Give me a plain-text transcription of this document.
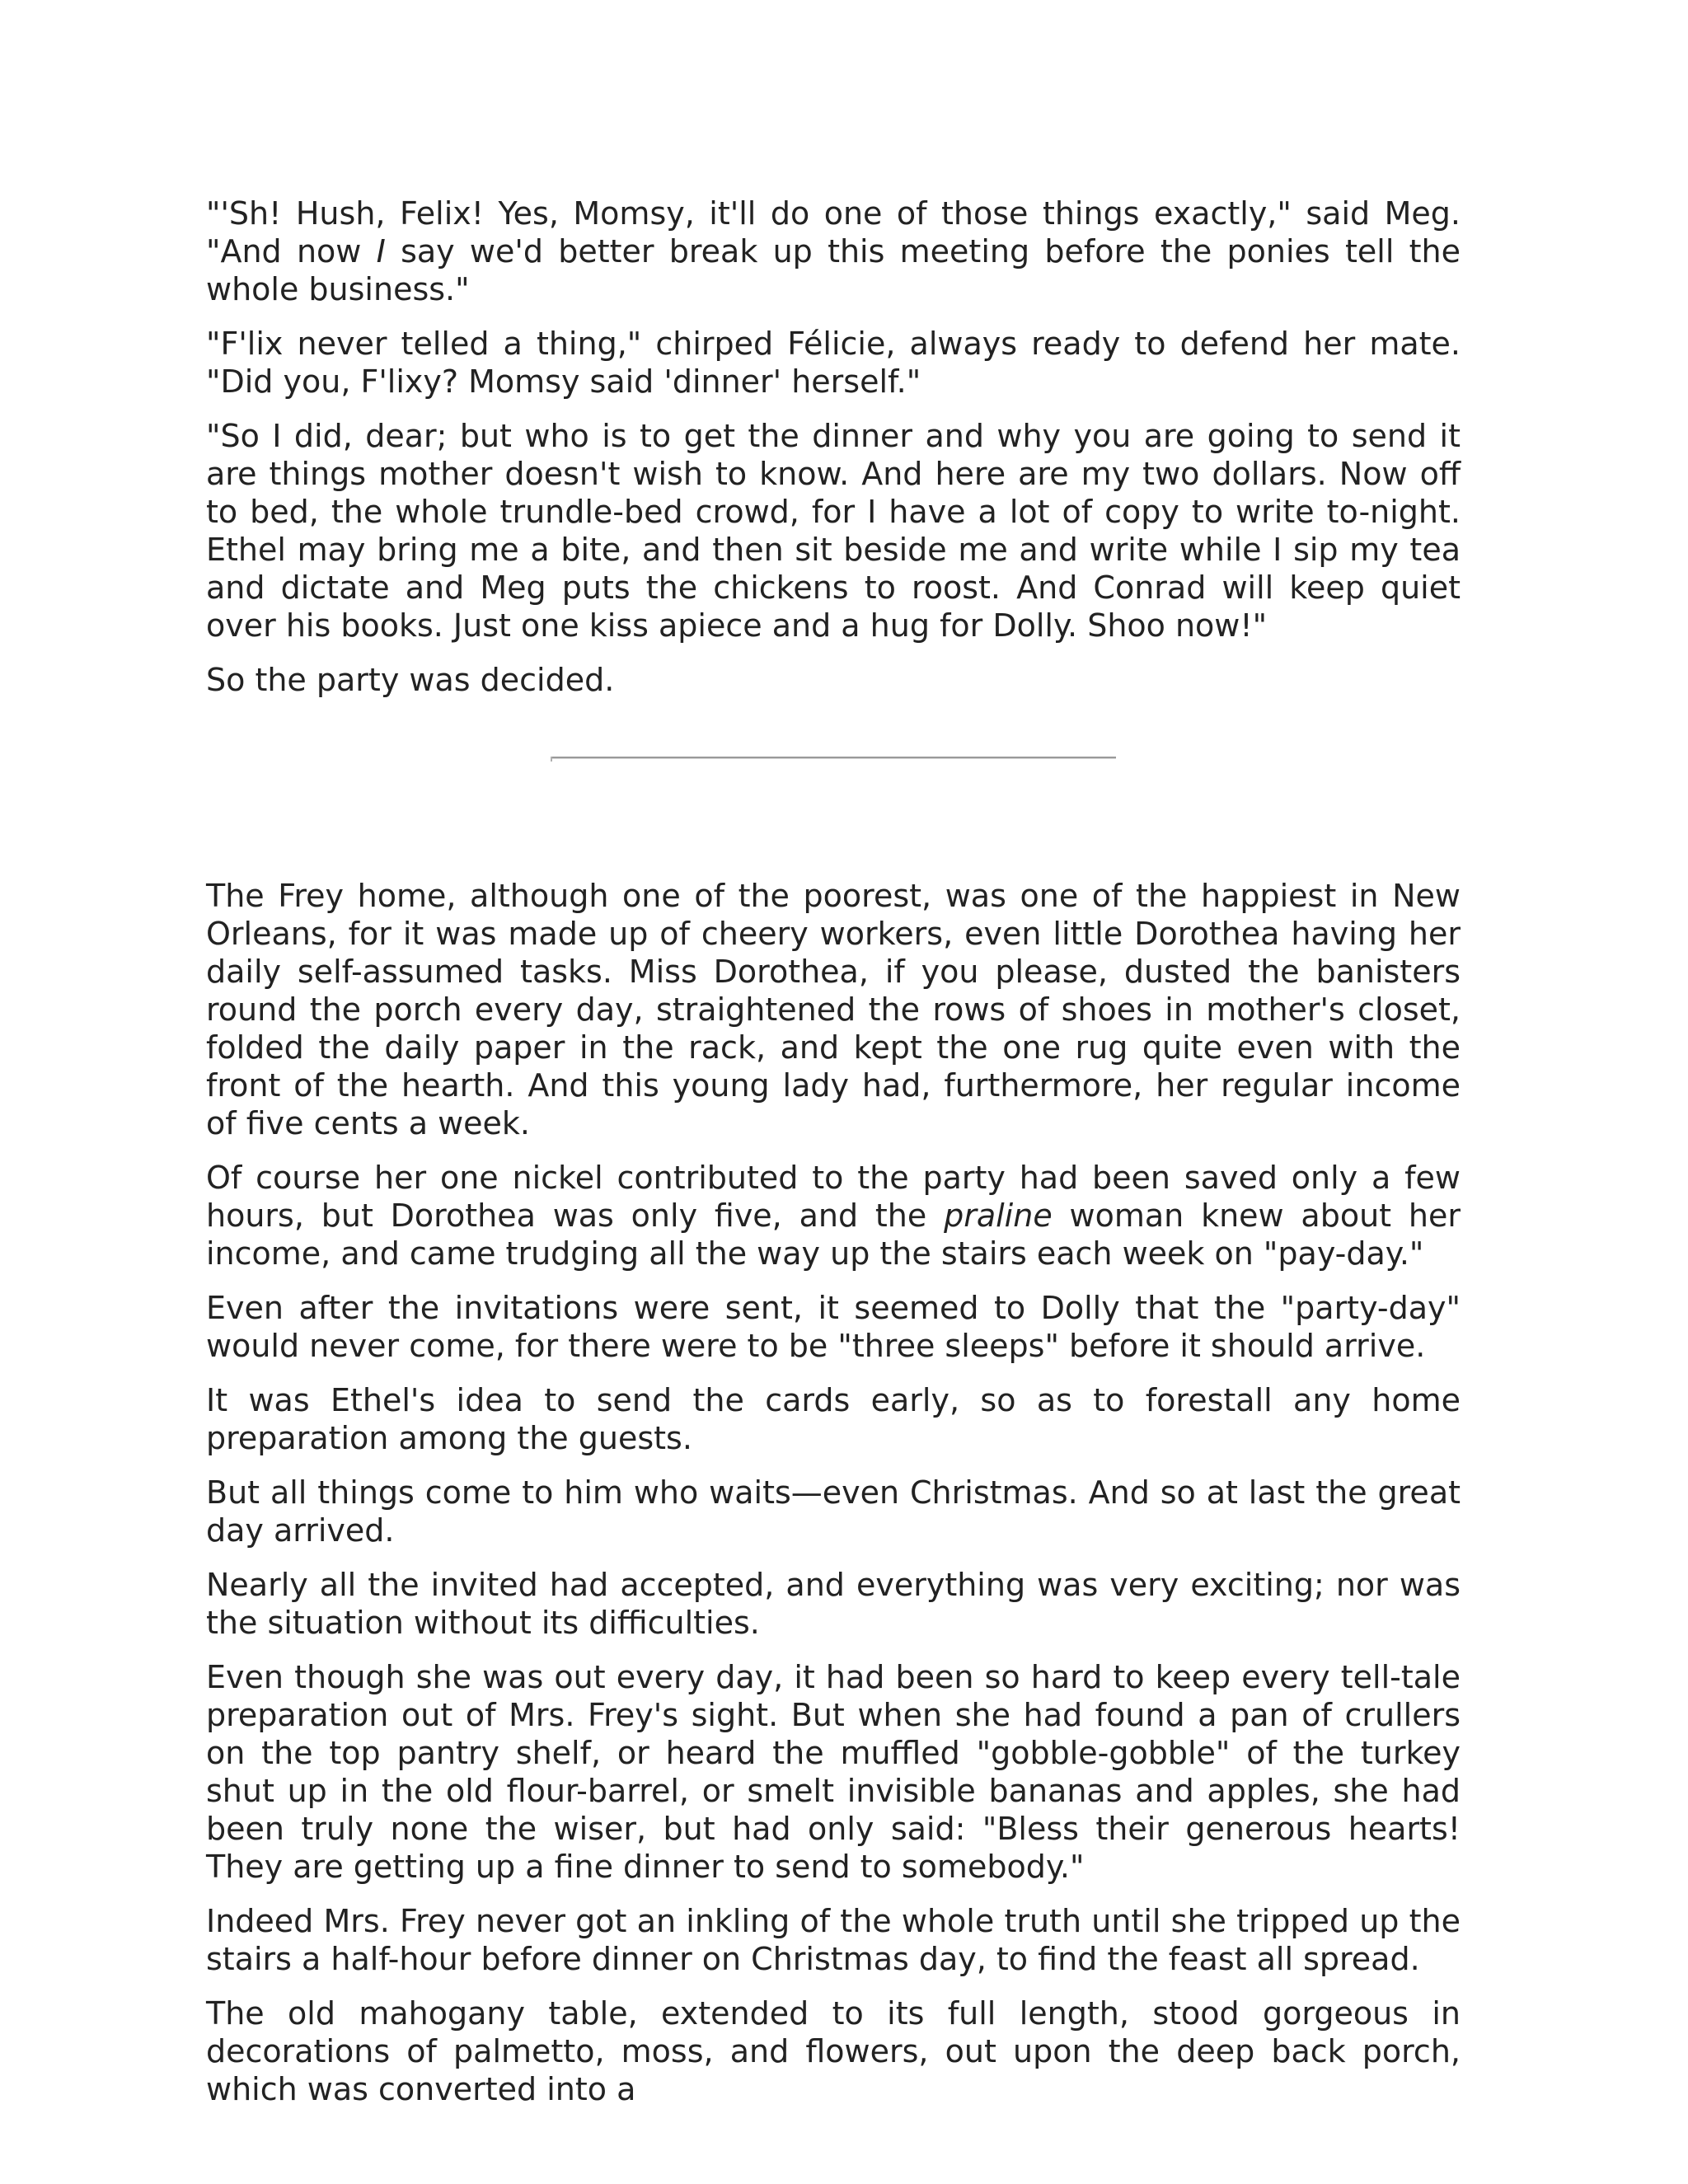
"'Sh! Hush, Felix! Yes, Momsy, it'll do one of those things exactly," said Meg. "And now I say we'd better break up this meeting before the ponies tell the whole business."

"F'lix never telled a thing," chirped Félicie, always ready to defend her mate. "Did you, F'lixy? Momsy said 'dinner' herself."

"So I did, dear; but who is to get the dinner and why you are going to send it are things mother doesn't wish to know. And here are my two dollars. Now off to bed, the whole trundle-bed crowd, for I have a lot of copy to write to-night. Ethel may bring me a bite, and then sit beside me and write while I sip my tea and dictate and Meg puts the chickens to roost. And Conrad will keep quiet over his books. Just one kiss apiece and a hug for Dolly. Shoo now!"

So the party was decided.

The Frey home, although one of the poorest, was one of the happiest in New Orleans, for it was made up of cheery workers, even little Dorothea having her daily self-assumed tasks. Miss Dorothea, if you please, dusted the banisters round the porch every day, straightened the rows of shoes in mother's closet, folded the daily paper in the rack, and kept the one rug quite even with the front of the hearth. And this young lady had, furthermore, her regular income of five cents a week.

Of course her one nickel contributed to the party had been saved only a few hours, but Dorothea was only five, and the praline woman knew about her income, and came trudging all the way up the stairs each week on "pay-day."

Even after the invitations were sent, it seemed to Dolly that the "party-day" would never come, for there were to be "three sleeps" before it should arrive.

It was Ethel's idea to send the cards early, so as to forestall any home preparation among the guests.

But all things come to him who waits—even Christmas. And so at last the great day arrived.

Nearly all the invited had accepted, and everything was very exciting; nor was the situation without its difficulties.

Even though she was out every day, it had been so hard to keep every tell-tale preparation out of Mrs. Frey's sight. But when she had found a pan of crullers on the top pantry shelf, or heard the muffled "gobble-gobble" of the turkey shut up in the old flour-barrel, or smelt invisible bananas and apples, she had been truly none the wiser, but had only said: "Bless their generous hearts! They are getting up a fine dinner to send to somebody."

Indeed Mrs. Frey never got an inkling of the whole truth until she tripped up the stairs a half-hour before dinner on Christmas day, to find the feast all spread.

The old mahogany table, extended to its full length, stood gorgeous in decorations of palmetto, moss, and flowers, out upon the deep back porch, which was converted into a
